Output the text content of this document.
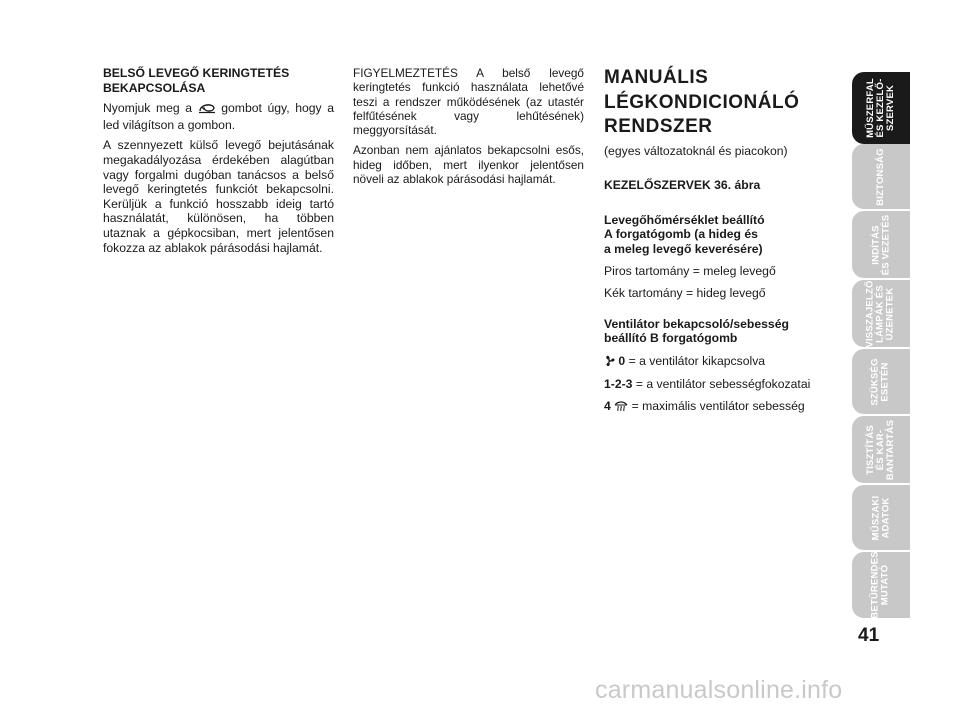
BELSŐ LEVEGŐ KERINGTETÉS
BEKAPCSOLÁSA

Nyomjuk meg a gombot úgy, hogy a led világítson a gombon.

A szennyezett külső levegő bejutásának megakadályozása érdekében alagútban vagy forgalmi dugóban tanácsos a belső levegő keringtetés funkciót bekapcsolni. Kerüljük a funkció hosszabb ideig tartó használatát, különösen, ha többen utaznak a gépkocsiban, mert jelentősen fokozza az ablakok párásodási hajlamát.

FIGYELMEZTETÉS A belső levegő keringtetés funkció használata lehetővé teszi a rendszer működésének (az utastér felfűtésének vagy lehűtésének) meggyorsítását.

Azonban nem ajánlatos bekapcsolni esős, hideg időben, mert ilyenkor jelentősen növeli az ablakok párásodási hajlamát.

MANUÁLIS
LÉGKONDICIONÁLÓ
RENDSZER

(egyes változatoknál és piacokon)

KEZELŐSZERVEK 36. ábra
Levegőhőmérséklet beállító
A forgatógomb (a hideg és
a meleg levegő keverésére)

Piros tartomány = meleg levegő

Kék tartomány = hideg levegő

Ventilátor bekapcsoló/sebesség
beállító B forgatógomb

0 = a ventilátor kikapcsolva

1-2-3 = a ventilátor sebességfokozatai

4 = maximális ventilátor sebesség

MŰSZERFAL
ÉS KEZELŐ-
SZERVEK
BIZTONSÁG
INDÍTÁS
ÉS VEZETÉS
VISSZAJELZŐ
LÁMPÁK ÉS
ÜZENETEK
SZÜKSÉG
ESETÉN
TISZTÍTÁS
ÉS KAR-
BANTARTÁS
MŰSZAKI
ADATOK
BETŰRENDES
MUTATÓ
41
carmanualsonline.info
